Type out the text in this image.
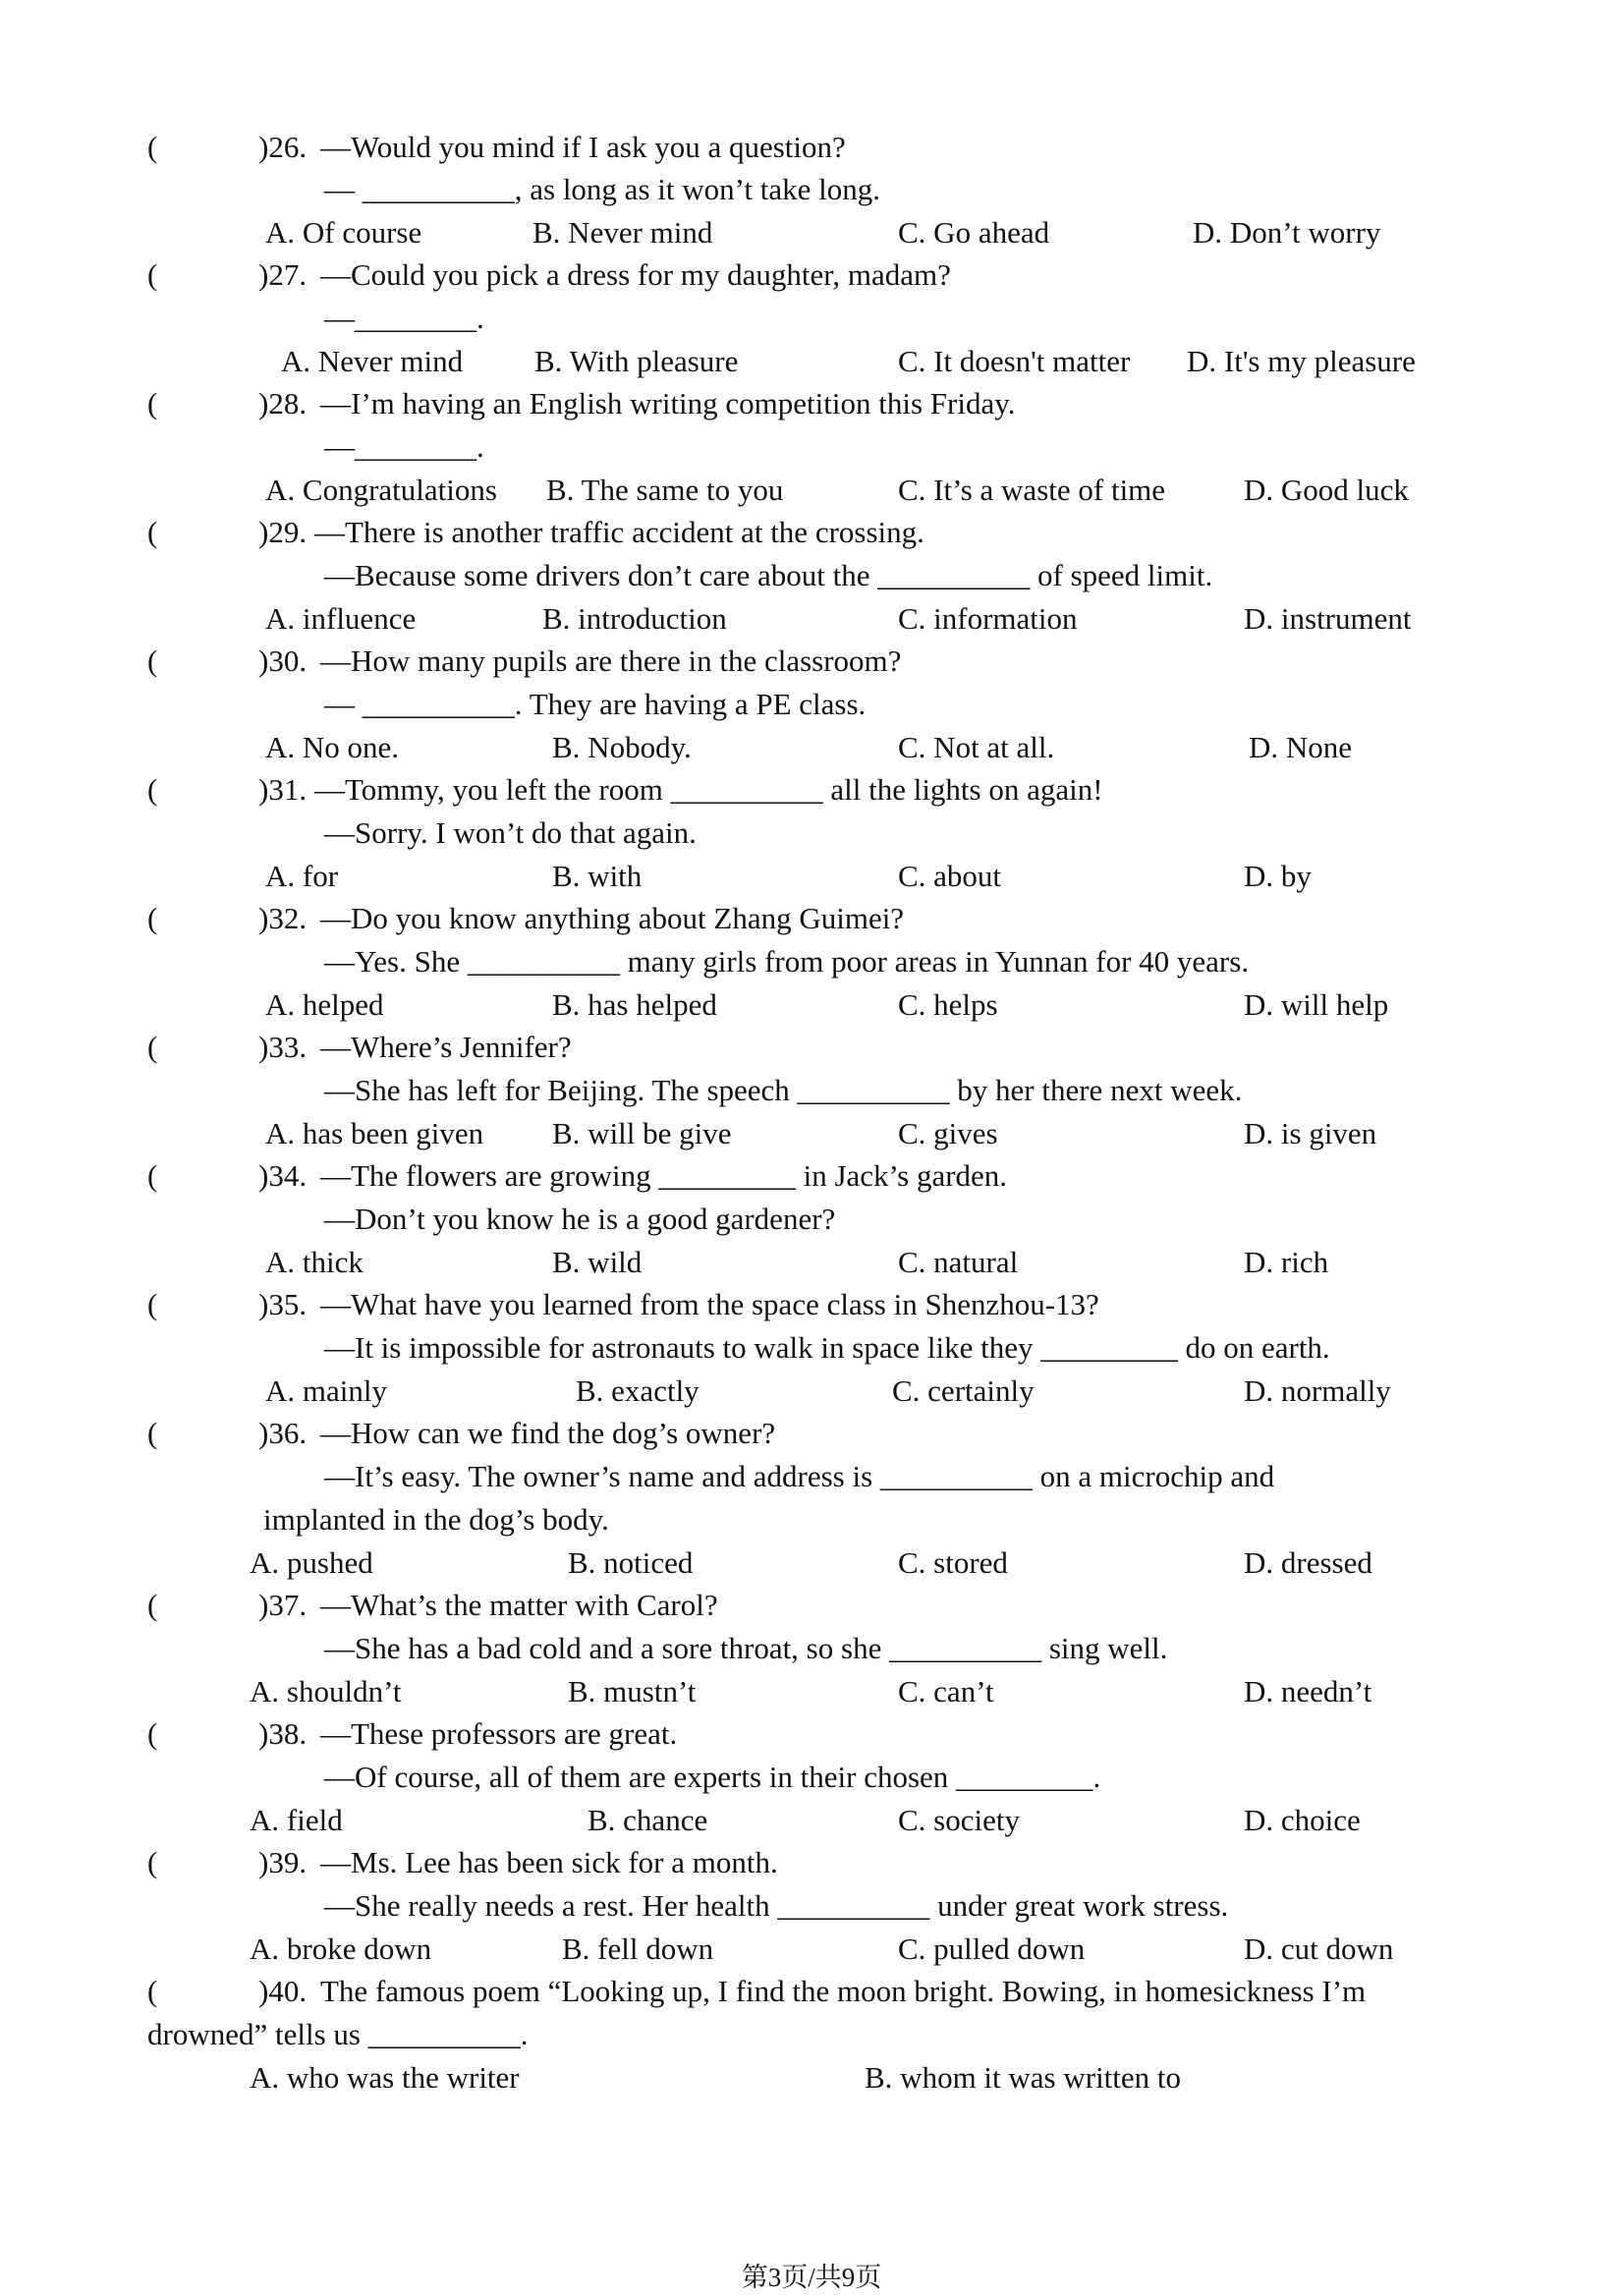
(	)26. —Would you mind if I ask you a question?
— __________, as long as it won’t take long.
A. Of course	B. Never mind	C. Go ahead	D. Don’t worry
(	)27. —Could you pick a dress for my daughter, madam?
—________.
A. Never mind B. With pleasure	C. It doesn't matter D. It's my pleasure
(	)28. —I’m having an English writing competition this Friday.
—________.
A. Congratulations B. The same to you	C. It’s a waste of time	D. Good luck
(	)29. —There is another traffic accident at the crossing.
—Because some drivers don’t care about the __________ of speed limit.
A. influence	B. introduction	C. information	D. instrument
(	)30. —How many pupils are there in the classroom?
— __________. They are having a PE class.
A. No one.	B. Nobody.	C. Not at all.	D. None
(	)31. —Tommy, you left the room __________ all the lights on again!
—Sorry. I won’t do that again.
A. for	B. with	C. about	D. by
(	)32. —Do you know anything about Zhang Guimei?
—Yes. She __________ many girls from poor areas in Yunnan for 40 years.
A. helped	B. has helped	C. helps	D. will help
(	)33. —Where’s Jennifer?
—She has left for Beijing. The speech __________ by her there next week.
A. has been given B. will be give	C. gives	D. is given
(	)34. —The flowers are growing _________ in Jack’s garden.
—Don’t you know he is a good gardener?
A. thick	B. wild	C. natural	D. rich
(	)35. —What have you learned from the space class in Shenzhou-13?
—It is impossible for astronauts to walk in space like they _________ do on earth.
A. mainly	B. exactly	C. certainly	D. normally
(	)36. —How can we find the dog’s owner?
—It’s easy. The owner’s name and address is __________ on a microchip and
implanted in the dog’s body.
A. pushed	B. noticed	C. stored	D. dressed
(	)37. —What’s the matter with Carol?
—She has a bad cold and a sore throat, so she __________ sing well.
A. shouldn’t	B. mustn’t	C. can’t	D. needn’t
(	)38. —These professors are great.
—Of course, all of them are experts in their chosen _________.
A. field	B. chance	C. society	D. choice
(	)39. —Ms. Lee has been sick for a month.
—She really needs a rest. Her health __________ under great work stress.
A. broke down	B. fell down	C. pulled down	D. cut down
(	)40. The famous poem “Looking up, I find the moon bright. Bowing, in homesickness I’m
drowned” tells us __________.
A. who was the writer	B. whom it was written to
第3页/共9页
